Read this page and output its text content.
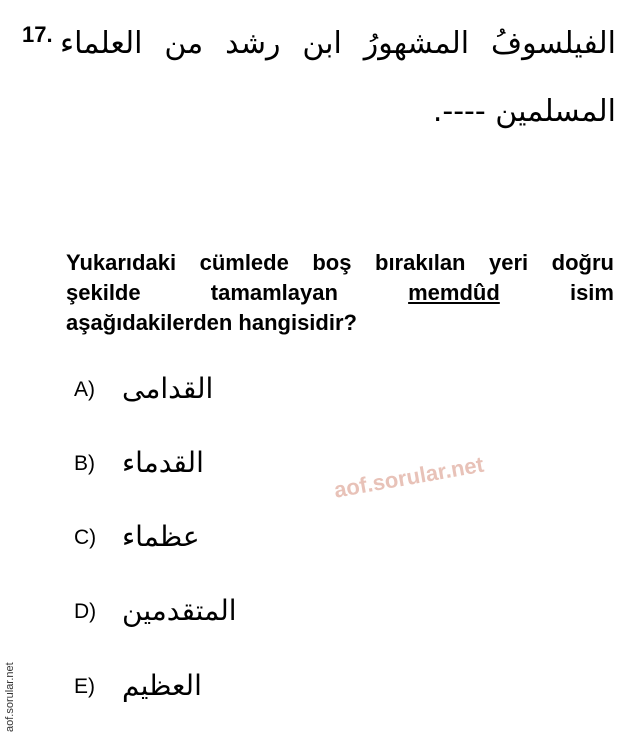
17. الفيلسوفُ المشهورُ ابن رشد من العلماء
المسلمين ----.
Yukarıdaki cümlede boş bırakılan yeri doğru
şekilde	tamamlayan	memdûd	isim
aşağıdakilerden hangisidir?
A) القدامى
B) القدماء
C) عظماء
D) المتقدمين
E) العظيم
aof.sorular.net
aof.sorular.net
